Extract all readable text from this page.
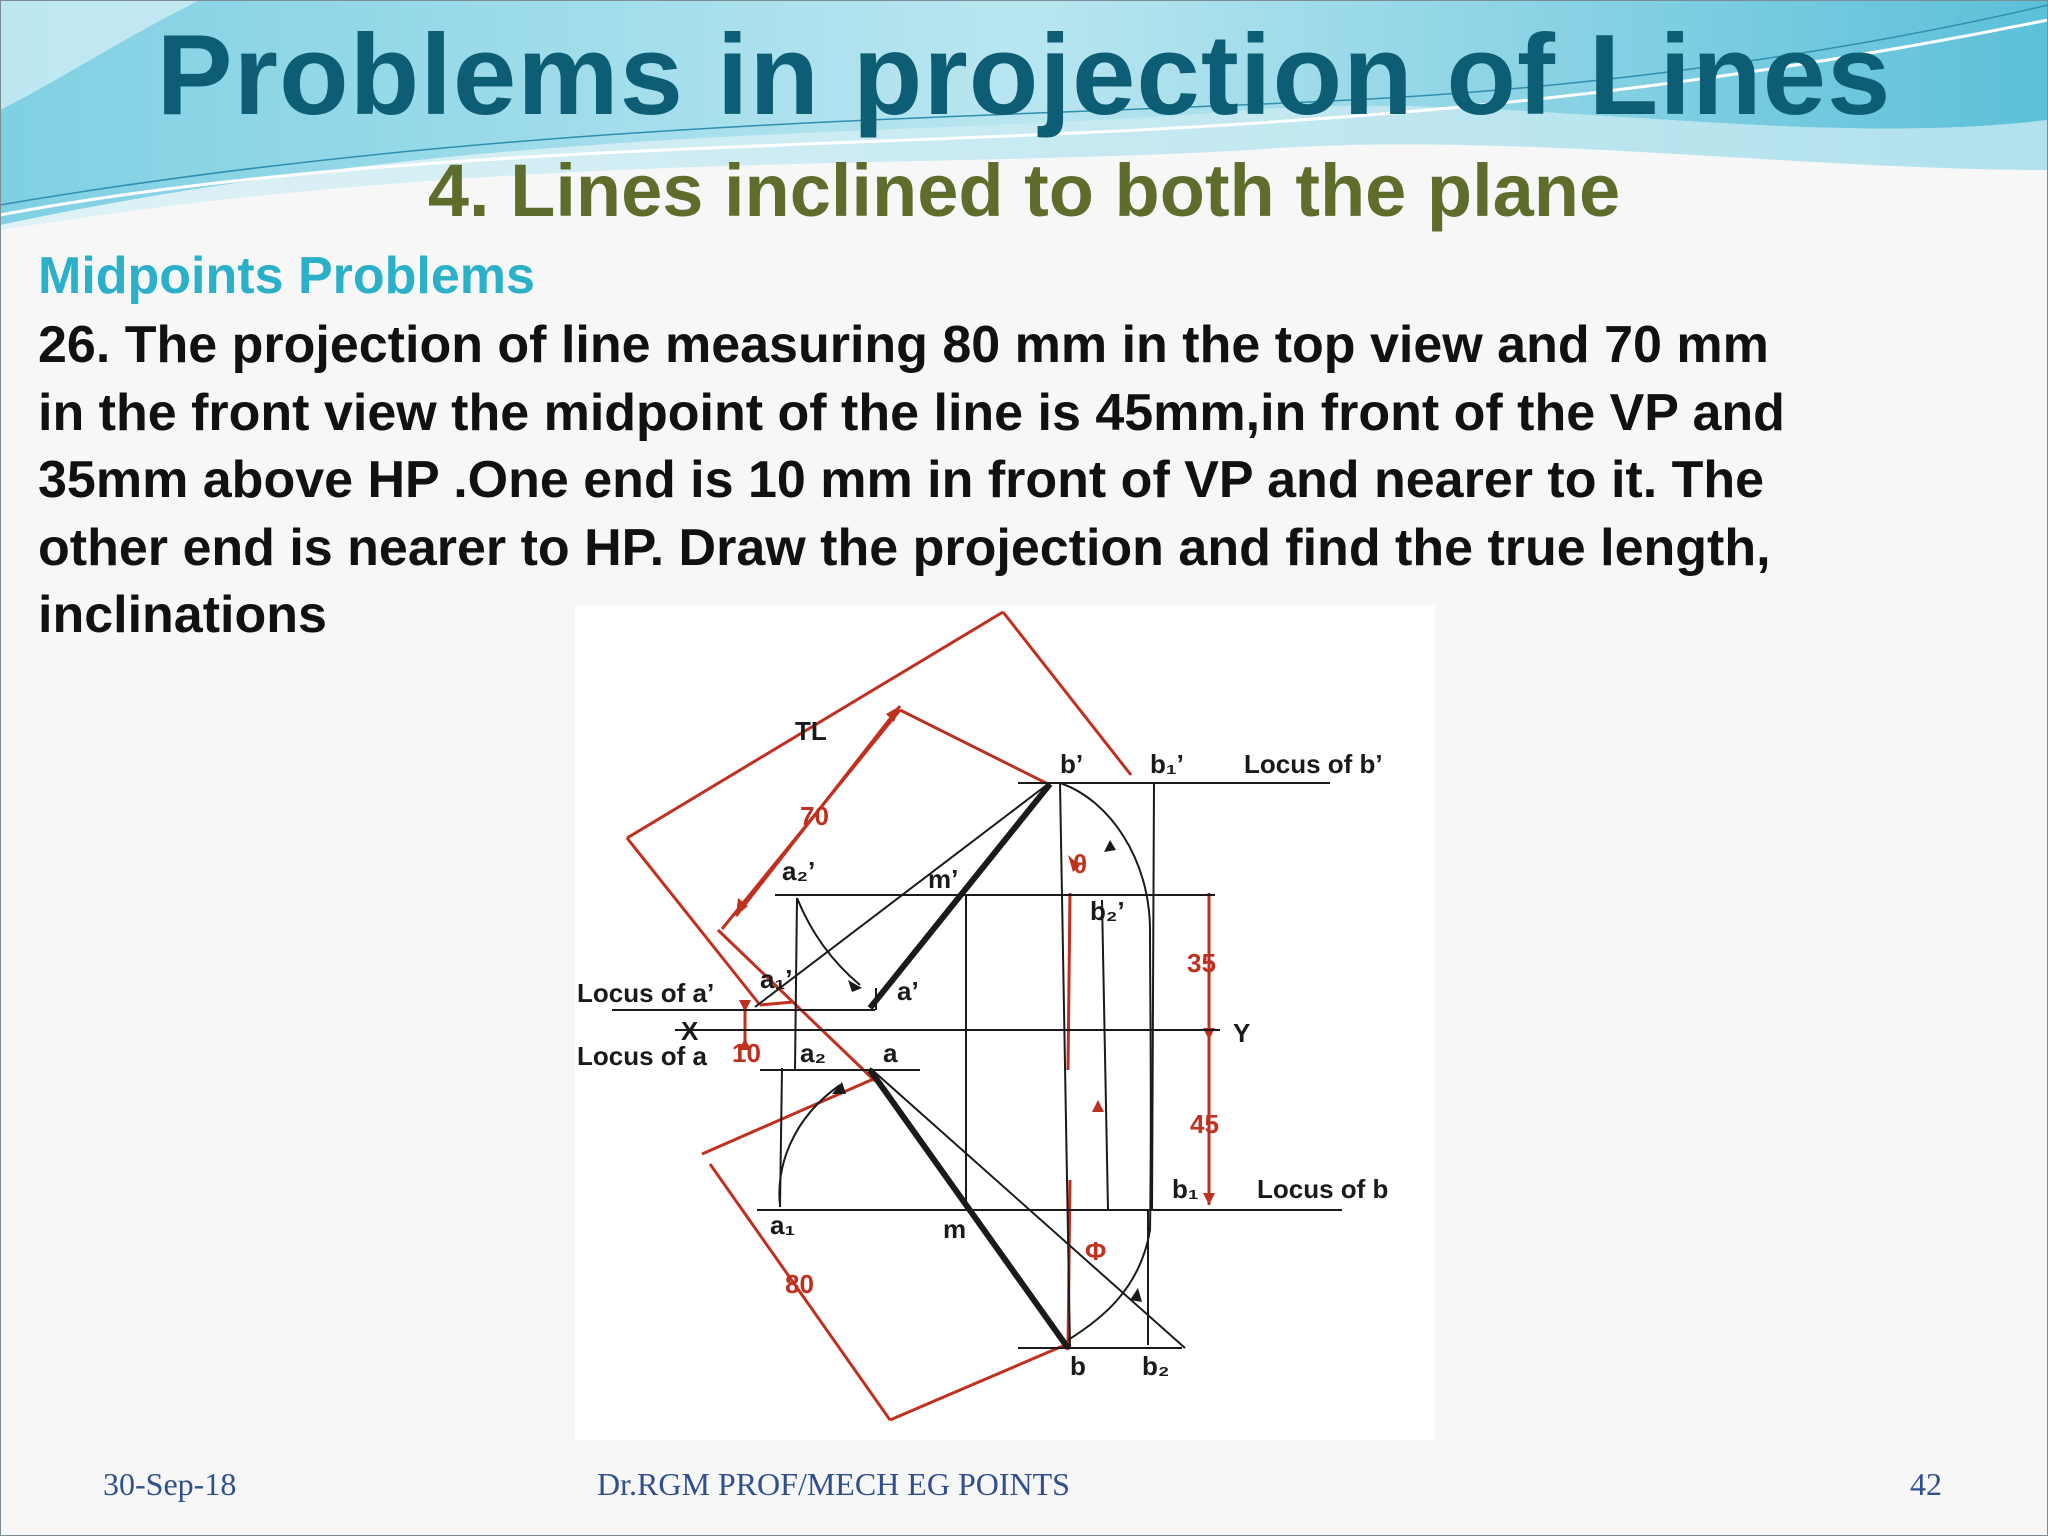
Problems in projection of Lines
4. Lines inclined to both the plane
Midpoints Problems
26. The projection of line measuring 80 mm in the top view and 70 mm
in the front view the midpoint of the line is 45mm,in front of the VP and
35mm above HP .One end is 10 mm in front of VP and nearer to it. The
other end is nearer to HP. Draw the projection and find the true length,
inclinations
TL
70
80
10
35
45
θ
Φ
X	Y
Locus of b’
Locus of a’
Locus of a
Locus of b
b’	b₁’
b₂’
a₂’	m’
a₁’	a’
a₂ a
a₁	m
b₁
b b₂
30-Sep-18	Dr.RGM PROF/MECH EG POINTS	42
